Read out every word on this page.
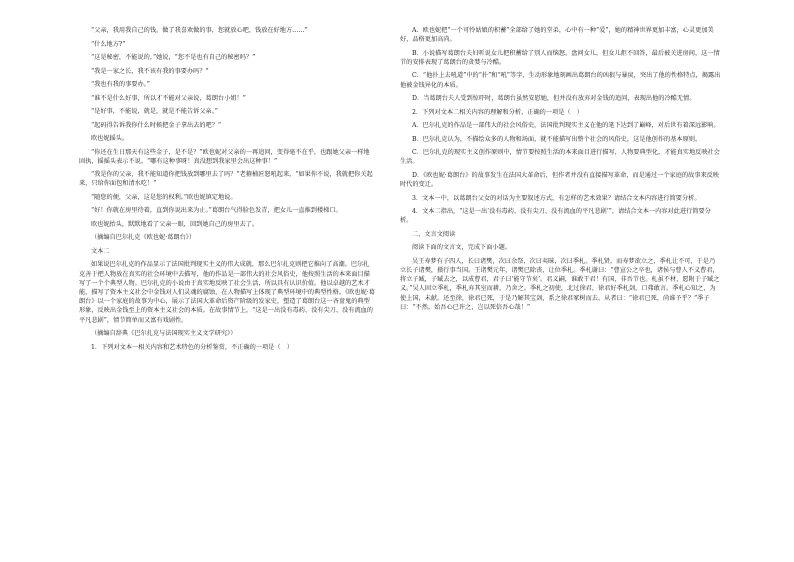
“父亲，我用我自己的钱，做了我喜欢做的事，您就放心吧，钱放在好地方……”

“什么地方?”

“这是秘密，不能说的，”她说，“您不是也有自己的秘密吗？”

“我是一家之长，我不该有我的事要办吗？”

“我也有我的事要办。”

“谁不是什么好事，所以才不能对父亲说，葛朗台小姐！”

“是好事，不能说，就是，就是不能告诉父亲。”

“起码得告诉我你什么时候把金子拿出去的吧？”

欧也妮摇头。

“你还在生日那天有这些金子，是不是？”欧也妮对父亲的一再追问，变得毫不在乎，也跟她父亲一样地固执，摇摇头表示不说。“哪有这种事呀！真没想到我家里会出这种事！”

“我是你的父亲，我不能知道你把钱放到哪里去了吗？”老箍桶匠怒吼起来，“如果你不说，我就把你关起来，只给你面包和清水吃！”

“随您的便，父亲，这是您的权利。”欧也妮镇定地说。

“好！你就在房里待着，直到你说出来为止。”葛朗台气得脸色发青，把女儿一直推到楼梯口。

欧也妮抬头，默默地看了父亲一眼，回到她自己的房里去了。

（摘编自巴尔扎克《欧也妮·葛朗台》）

文本二

如果说巴尔扎克的作品显示了法国批判现实主义的伟大成就，那么巴尔扎克则把它推向了高潮。巴尔扎克善于把人物放在真实的社会环境中去描写，他的作品是一部伟大的社会风俗史，他按照生活的本来面目描写了一个个典型人物。巴尔扎克的小说由于真实地反映了社会生活，所以具有认识价值。他以卓越的艺术才能，描写了资本主义社会中金钱对人们灵魂的腐蚀，在人物描写上体现了典型环境中的典型性格。《欧也妮·葛朗台》以一个家庭的故事为中心，展示了法国大革命后资产阶级的发家史，塑造了葛朗台这一吝啬鬼的典型形象，反映出金钱至上的资本主义社会的本质。在故事情节上，“这是一出没有毒药、没有尖刀、没有流血的平凡悲剧”，情节简单而又富有戏剧性。

（摘编自辞典《巴尔扎克与法国现实主义文学研究》）

1．下列对文本一相关内容和艺术特色的分析鉴赏，不正确的一项是（　）

A．欧也妮把“一个可怜姑娘的积蓄”全部给了她的堂弟，心中有一种“爱”，她的精神世界更加丰富，心灵更加美好，品格更加高尚。

B．小说描写葛朗台夫妇听说女儿把积蓄给了别人而恼怒，盘问女儿，但女儿拒不回答，最后被关进房间，这一情节的安排表现了葛朗台的贪婪与冷酷。

C．“他扑上去吼道”中的“扑”和“吼”等字，生动形象地刻画出葛朗台的凶狠与暴戾，突出了他的性格特点，揭露出他被金钱异化的本质。

D．当葛朗台夫人受到惊吓时，葛朗台虽然安慰她，但并没有放弃对金钱的追问，表现出他的冷酷无情。

2．下列对文本二相关内容的理解和分析，正确的一项是（　）

A．巴尔扎克的作品是一部伟大的社会风俗史，法国批判现实主义在他的笔下达到了巅峰，对后世有着深远影响。

B．巴尔扎克认为，不描绘众多的人物和场面，就不能描写出整个社会的风俗史，这是他创作的基本原则。

C．巴尔扎克的现实主义创作原则中，情节要按照生活的本来面目进行描写，人物要典型化，才能真实地反映社会生活。

D．《欧也妮·葛朗台》的故事发生在法国大革命后，但作者并没有直接描写革命，而是通过一个家庭的故事来反映时代的变迁。

3．文本一中，以葛朗台父女的对话为主要叙述方式，有怎样的艺术效果？请结合文本内容进行简要分析。

4．文本二指出，“这是一出‘没有毒药、没有尖刀、没有流血的平凡悲剧’”，请结合文本一内容对此进行简要分析。

二、文言文阅读

阅读下面的文言文，完成下面小题。

吴王寿梦有子四人，长曰诸樊，次曰余祭，次曰夷昧，次曰季札。季札贤，而寿梦欲立之，季札让不可，于是乃立长子诸樊，摄行事当国。王诸樊元年，诸樊已除丧，让位季札。季札谢曰：“曹宣公之卒也，诸侯与曹人不义曹君，将立子臧，子臧去之，以成曹君，君子曰‘能守节矣’。君义嗣，谁敢干君！有国，非吾节也。札虽不材，愿附于子臧之义。”吴人固立季札，季札弃其室而耕，乃舍之。季札之初使，北过徐君，徐君好季札剑，口弗敢言。季札心知之，为使上国，未献。还至徐，徐君已死，于是乃解其宝剑，系之徐君冢树而去。从者曰：“徐君已死，尚谁予乎？”季子曰：“不然。始吾心已许之，岂以死倍吾心哉！”
